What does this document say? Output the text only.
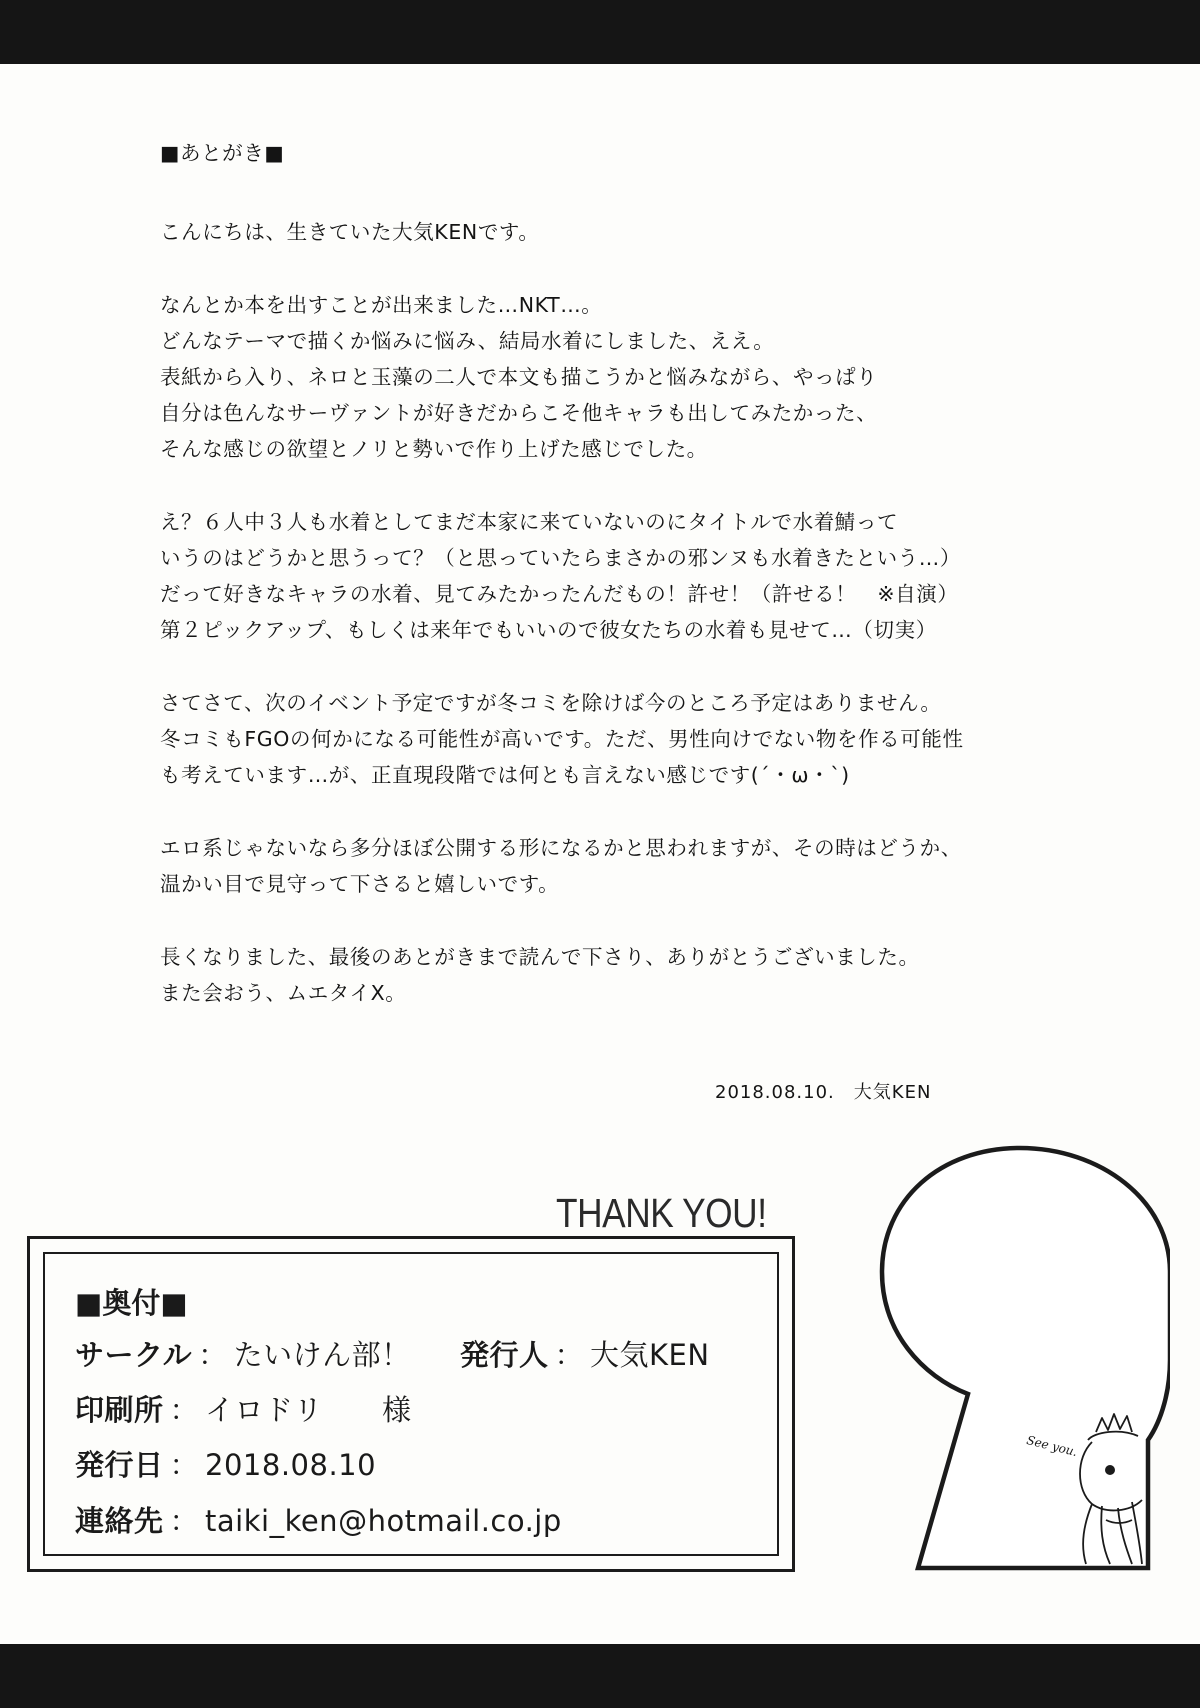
■あとがき■
こんにちは、生きていた大気KENです。
なんとか本を出すことが出来ました…NKT…。
どんなテーマで描くか悩みに悩み、結局水着にしました、ええ。
表紙から入り、ネロと玉藻の二人で本文も描こうかと悩みながら、やっぱり
自分は色んなサーヴァントが好きだからこそ他キャラも出してみたかった、
そんな感じの欲望とノリと勢いで作り上げた感じでした。
え？６人中３人も水着としてまだ本家に来ていないのにタイトルで水着鯖って
いうのはどうかと思うって？（と思っていたらまさかの邪ンヌも水着きたという…）
だって好きなキャラの水着、見てみたかったんだもの！許せ！（許せる！　※自演）
第２ピックアップ、もしくは来年でもいいので彼女たちの水着も見せて…（切実）
さてさて、次のイベント予定ですが冬コミを除けば今のところ予定はありません。
冬コミもFGOの何かになる可能性が高いです。ただ、男性向けでない物を作る可能性
も考えています…が、正直現段階では何とも言えない感じです(´・ω・`)
エロ系じゃないなら多分ほぼ公開する形になるかと思われますが、その時はどうか、
温かい目で見守って下さると嬉しいです。
長くなりました、最後のあとがきまで読んで下さり、ありがとうございました。
また会おう、ムエタイX。
2018.08.10.　大気KEN
THANK YOU!
■奥付■
サークル ： たいけん部！ 発行人 ： 大気KEN
印刷所 ： イロドリ　　様
発行日 ： 2018.08.10
連絡先 ： taiki_ken@hotmail.co.jp
See you.
